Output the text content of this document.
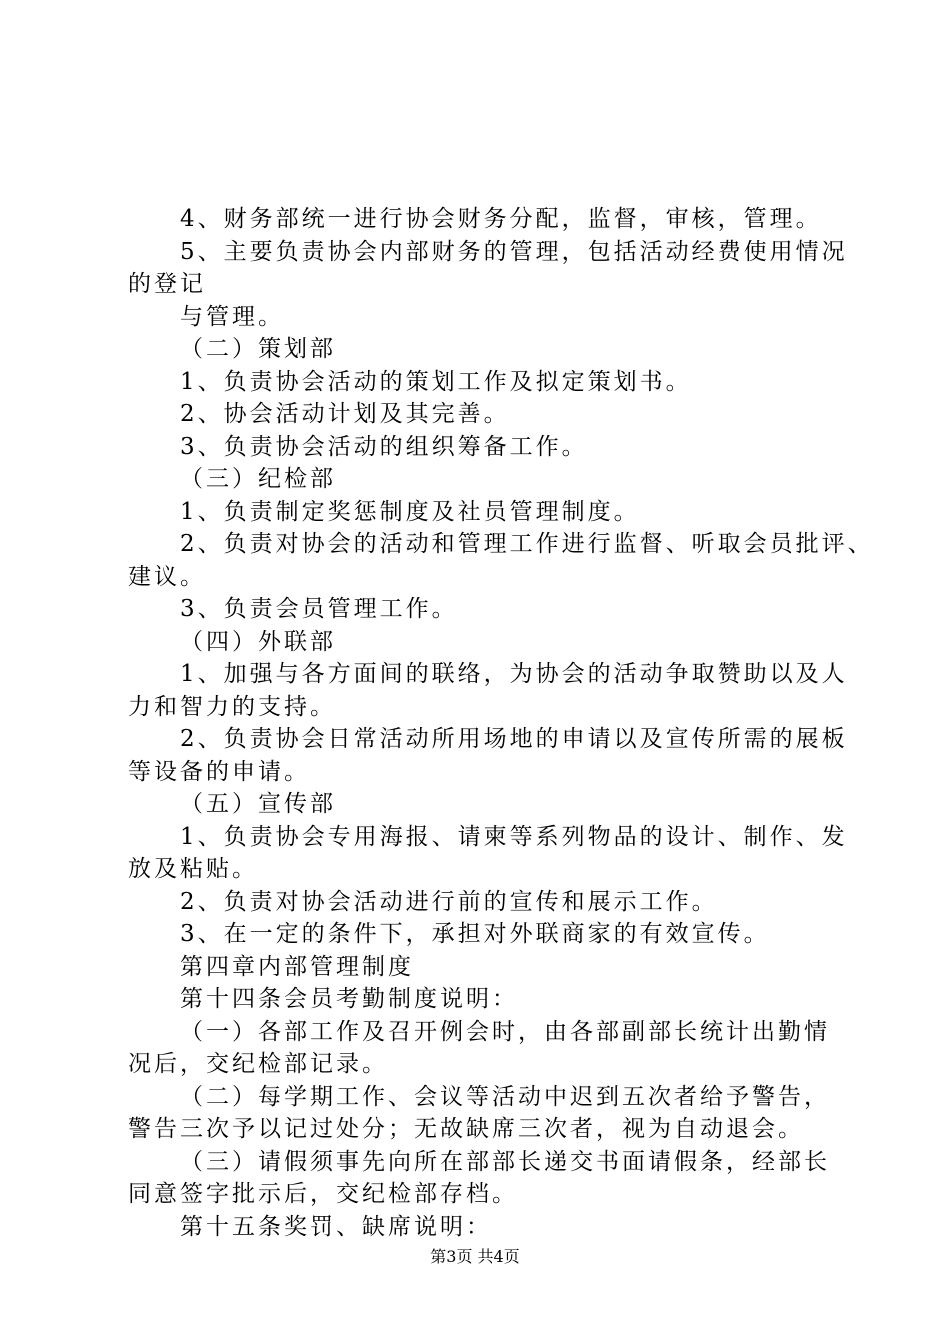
4、财务部统一进行协会财务分配，监督，审核，管理。
5、主要负责协会内部财务的管理，包括活动经费使用情况
的登记
与管理。
（二）策划部
1、负责协会活动的策划工作及拟定策划书。
2、协会活动计划及其完善。
3、负责协会活动的组织筹备工作。
（三）纪检部
1、负责制定奖惩制度及社员管理制度。
2、负责对协会的活动和管理工作进行监督、听取会员批评、
建议。
3、负责会员管理工作。
（四）外联部
1、加强与各方面间的联络，为协会的活动争取赞助以及人
力和智力的支持。
2、负责协会日常活动所用场地的申请以及宣传所需的展板
等设备的申请。
（五）宣传部
1、负责协会专用海报、请柬等系列物品的设计、制作、发
放及粘贴。
2、负责对协会活动进行前的宣传和展示工作。
3、在一定的条件下，承担对外联商家的有效宣传。
第四章内部管理制度
第十四条会员考勤制度说明：
（一）各部工作及召开例会时，由各部副部长统计出勤情
况后，交纪检部记录。
（二）每学期工作、会议等活动中迟到五次者给予警告，
警告三次予以记过处分；无故缺席三次者，视为自动退会。
（三）请假须事先向所在部部长递交书面请假条，经部长
同意签字批示后，交纪检部存档。
第十五条奖罚、缺席说明：
第3页 共4页
